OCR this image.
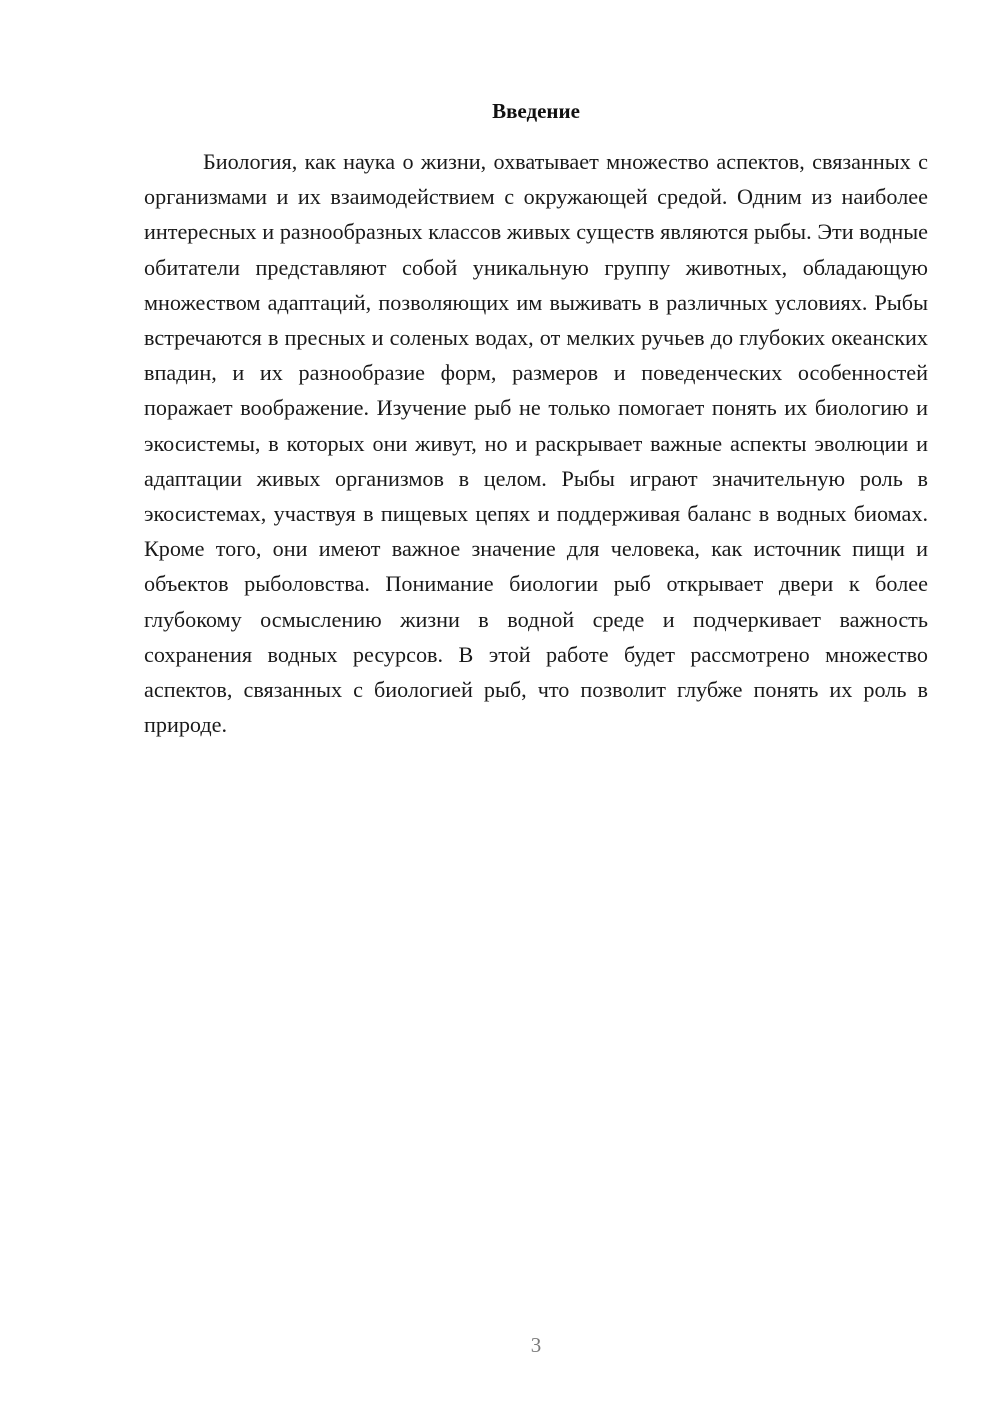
Введение

Биология, как наука о жизни, охватывает множество аспектов, связанных с организмами и их взаимодействием с окружающей средой. Одним из наиболее интересных и разнообразных классов живых существ являются рыбы. Эти водные обитатели представляют собой уникальную группу животных, обладающую множеством адаптаций, позволяющих им выживать в различных условиях. Рыбы встречаются в пресных и соленых водах, от мелких ручьев до глубоких океанских впадин, и их разнообразие форм, размеров и поведенческих особенностей поражает воображение. Изучение рыб не только помогает понять их биологию и экосистемы, в которых они живут, но и раскрывает важные аспекты эволюции и адаптации живых организмов в целом. Рыбы играют значительную роль в экосистемах, участвуя в пищевых цепях и поддерживая баланс в водных биомах. Кроме того, они имеют важное значение для человека, как источник пищи и объектов рыболовства. Понимание биологии рыб открывает двери к более глубокому осмыслению жизни в водной среде и подчеркивает важность сохранения водных ресурсов. В этой работе будет рассмотрено множество аспектов, связанных с биологией рыб, что позволит глубже понять их роль в природе.

3
